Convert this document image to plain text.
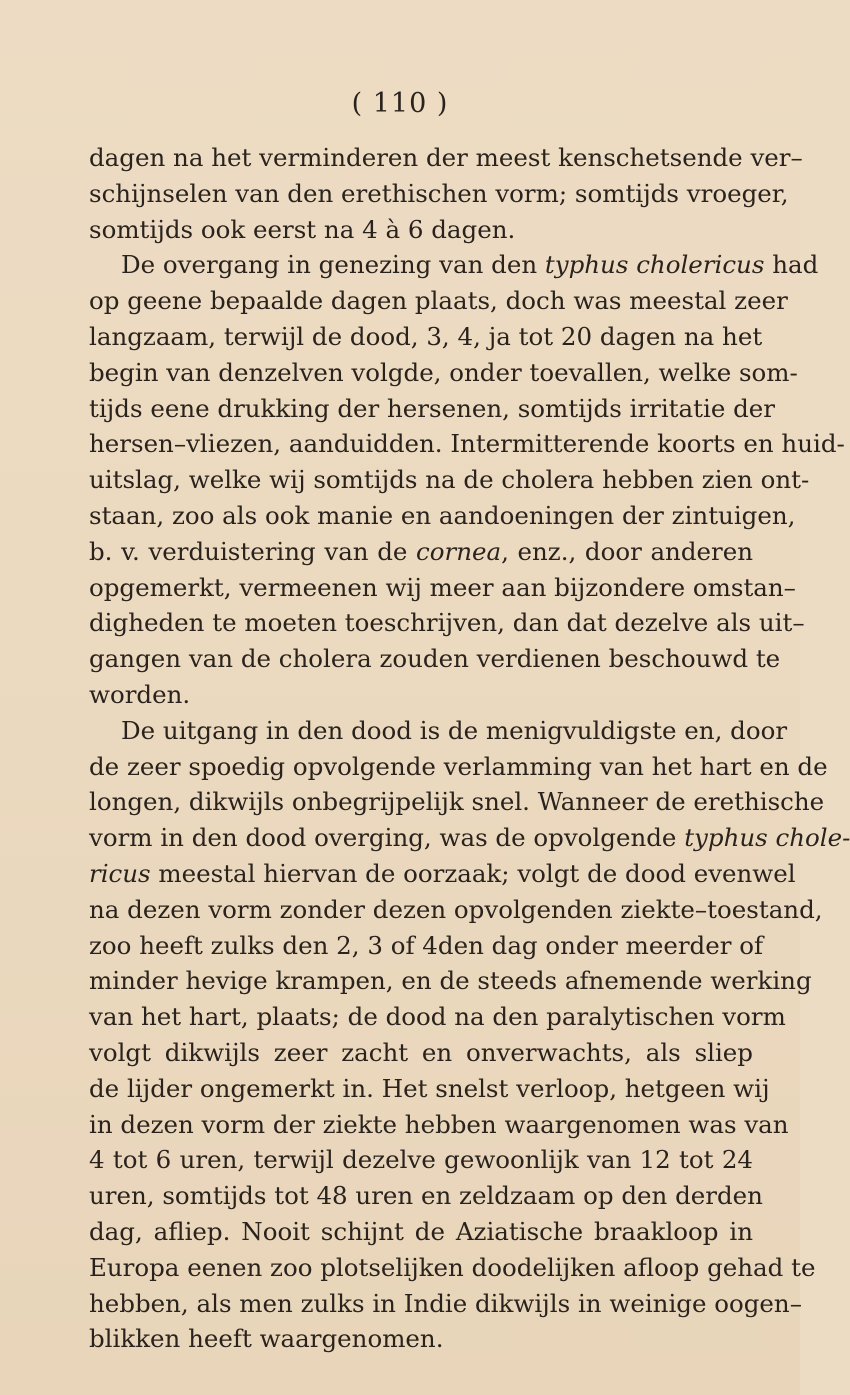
( 110 )
dagen na het verminderen der meest kenschetsende ver–
schijnselen van den erethischen vorm; somtijds vroeger,
somtijds ook eerst na 4 à 6 dagen.
De overgang in genezing van den typhus cholericus had
op geene bepaalde dagen plaats, doch was meestal zeer
langzaam, terwijl de dood, 3, 4, ja tot 20 dagen na het
begin van denzelven volgde, onder toevallen, welke som-
tijds eene drukking der hersenen, somtijds irritatie der
hersen–vliezen, aanduidden. Intermitterende koorts en huid-
uitslag, welke wij somtijds na de cholera hebben zien ont-
staan, zoo als ook manie en aandoeningen der zintuigen,
b. v. verduistering van de cornea, enz., door anderen
opgemerkt, vermeenen wij meer aan bijzondere omstan–
digheden te moeten toeschrijven, dan dat dezelve als uit–
gangen van de cholera zouden verdienen beschouwd te
worden.
De uitgang in den dood is de menigvuldigste en, door
de zeer spoedig opvolgende verlamming van het hart en de
longen, dikwijls onbegrijpelijk snel. Wanneer de erethische
vorm in den dood overging, was de opvolgende typhus chole-
ricus meestal hiervan de oorzaak; volgt de dood evenwel
na dezen vorm zonder dezen opvolgenden ziekte–toestand,
zoo heeft zulks den 2, 3 of 4den dag onder meerder of
minder hevige krampen, en de steeds afnemende werking
van het hart, plaats; de dood na den paralytischen vorm
volgt dikwijls zeer zacht en onverwachts, als sliep
de lijder ongemerkt in. Het snelst verloop, hetgeen wij
in dezen vorm der ziekte hebben waargenomen was van
4 tot 6 uren, terwijl dezelve gewoonlijk van 12 tot 24
uren, somtijds tot 48 uren en zeldzaam op den derden
dag, afliep. Nooit schijnt de Aziatische braakloop in
Europa eenen zoo plotselijken doodelijken afloop gehad te
hebben, als men zulks in Indie dikwijls in weinige oogen–
blikken heeft waargenomen.
